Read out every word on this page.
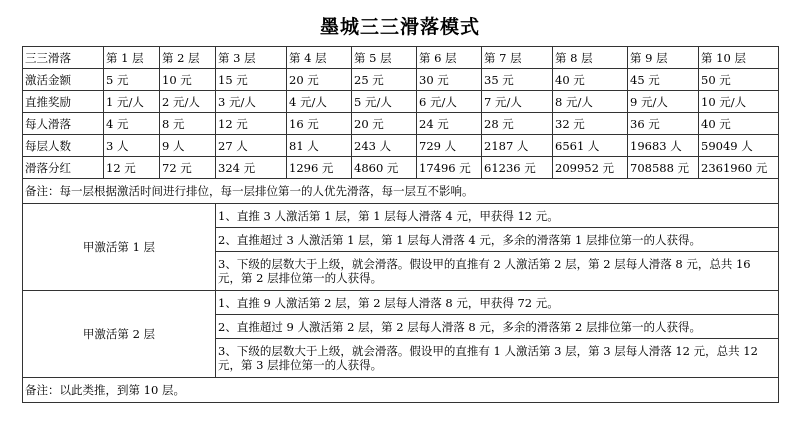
墨城三三滑落模式
三三滑落	第 1 层	第 2 层	第 3 层	第 4 层	第 5 层	第 6 层	第 7 层	第 8 层	第 9 层	第 10 层
激活金额	5 元	10 元	15 元	20 元	25 元	30 元	35 元	40 元	45 元	50 元
直推奖励	1 元/人	2 元/人	3 元/人	4 元/人	5 元/人	6 元/人	7 元/人	8 元/人	9 元/人	10 元/人
每人滑落	4 元	8 元	12 元	16 元	20 元	24 元	28 元	32 元	36 元	40 元
每层人数	3 人	9 人	27 人	81 人	243 人	729 人	2187 人	6561 人	19683 人	59049 人
滑落分红	12 元	72 元	324 元	1296 元	4860 元	17496 元	61236 元	209952 元	708588 元	2361960 元
备注：每一层根据激活时间进行排位，每一层排位第一的人优先滑落，每一层互不影响。										
甲激活第 1 层			1、直推 3 人激活第 1 层，第 1 层每人滑落 4 元，甲获得 12 元。							
			2、直推超过 3 人激活第 1 层，第 1 层每人滑落 4 元，多余的滑落第 1 层排位第一的人获得。							
			3、下级的层数大于上级，就会滑落。假设甲的直推有 2 人激活第 2 层，第 2 层每人滑落 8 元，总共 16 元，第 2 层排位第一的人获得。							
甲激活第 2 层			1、直推 9 人激活第 2 层，第 2 层每人滑落 8 元，甲获得 72 元。							
			2、直推超过 9 人激活第 2 层，第 2 层每人滑落 8 元，多余的滑落第 2 层排位第一的人获得。							
			3、下级的层数大于上级，就会滑落。假设甲的直推有 1 人激活第 3 层，第 3 层每人滑落 12 元，总共 12 元，第 3 层排位第一的人获得。							
备注：以此类推，到第 10 层。										
